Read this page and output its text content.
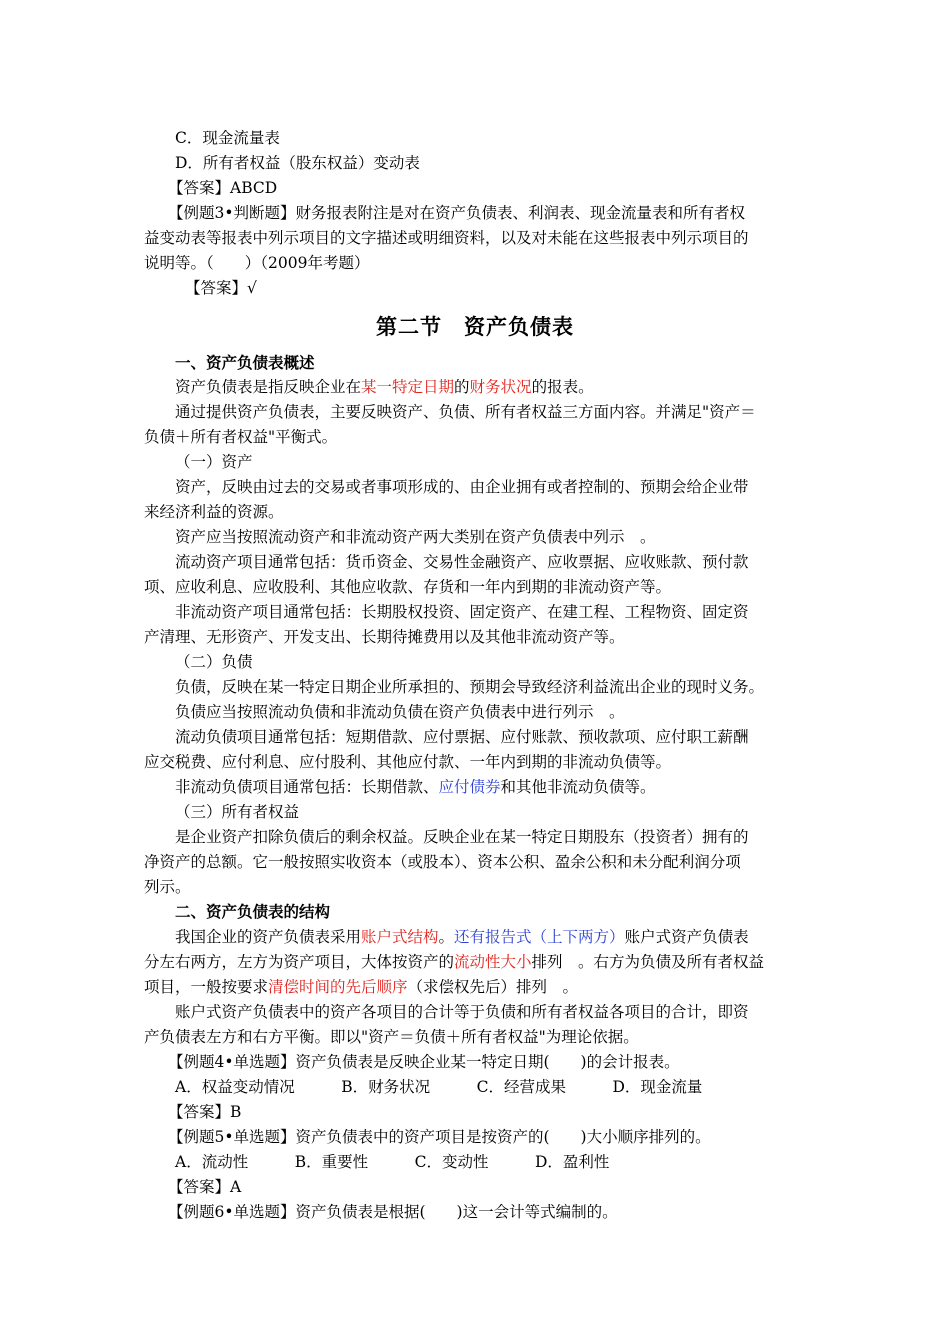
C．现金流量表
D．所有者权益（股东权益）变动表
【答案】ABCD
【例题3•判断题】财务报表附注是对在资产负债表、利润表、现金流量表和所有者权
益变动表等报表中列示项目的文字描述或明细资料，以及对未能在这些报表中列示项目的
说明等。（　　）（2009年考题）
【答案】√
第二节　资产负债表
一、资产负债表概述
资产负债表是指反映企业在某一特定日期的财务状况的报表。
通过提供资产负债表，主要反映资产、负债、所有者权益三方面内容。并满足"资产＝
负债＋所有者权益"平衡式。
（一）资产
资产，反映由过去的交易或者事项形成的、由企业拥有或者控制的、预期会给企业带
来经济利益的资源。
资产应当按照流动资产和非流动资产两大类别在资产负债表中列示　。
流动资产项目通常包括：货币资金、交易性金融资产、应收票据、应收账款、预付款
项、应收利息、应收股利、其他应收款、存货和一年内到期的非流动资产等。
非流动资产项目通常包括：长期股权投资、固定资产、在建工程、工程物资、固定资
产清理、无形资产、开发支出、长期待摊费用以及其他非流动资产等。
（二）负债
负债，反映在某一特定日期企业所承担的、预期会导致经济利益流出企业的现时义务。
负债应当按照流动负债和非流动负债在资产负债表中进行列示　。
流动负债项目通常包括：短期借款、应付票据、应付账款、预收款项、应付职工薪酬
应交税费、应付利息、应付股利、其他应付款、一年内到期的非流动负债等。
非流动负债项目通常包括：长期借款、应付债券和其他非流动负债等。
（三）所有者权益
是企业资产扣除负债后的剩余权益。反映企业在某一特定日期股东（投资者）拥有的
净资产的总额。它一般按照实收资本（或股本）、资本公积、盈余公积和未分配利润分项
列示。
二、资产负债表的结构
我国企业的资产负债表采用账户式结构。还有报告式（上下两方）账户式资产负债表
分左右两方，左方为资产项目，大体按资产的流动性大小排列　。右方为负债及所有者权益
项目，一般按要求清偿时间的先后顺序（求偿权先后）排列　。
账户式资产负债表中的资产各项目的合计等于负债和所有者权益各项目的合计，即资
产负债表左方和右方平衡。即以"资产＝负债＋所有者权益"为理论依据。
【例题4•单选题】资产负债表是反映企业某一特定日期(　　)的会计报表。
A．权益变动情况　　　B．财务状况　　　C．经营成果　　　D．现金流量
【答案】B
【例题5•单选题】资产负债表中的资产项目是按资产的(　　)大小顺序排列的。
A．流动性　　　B．重要性　　　C．变动性　　　D．盈利性
【答案】A
【例题6•单选题】资产负债表是根据(　　)这一会计等式编制的。
